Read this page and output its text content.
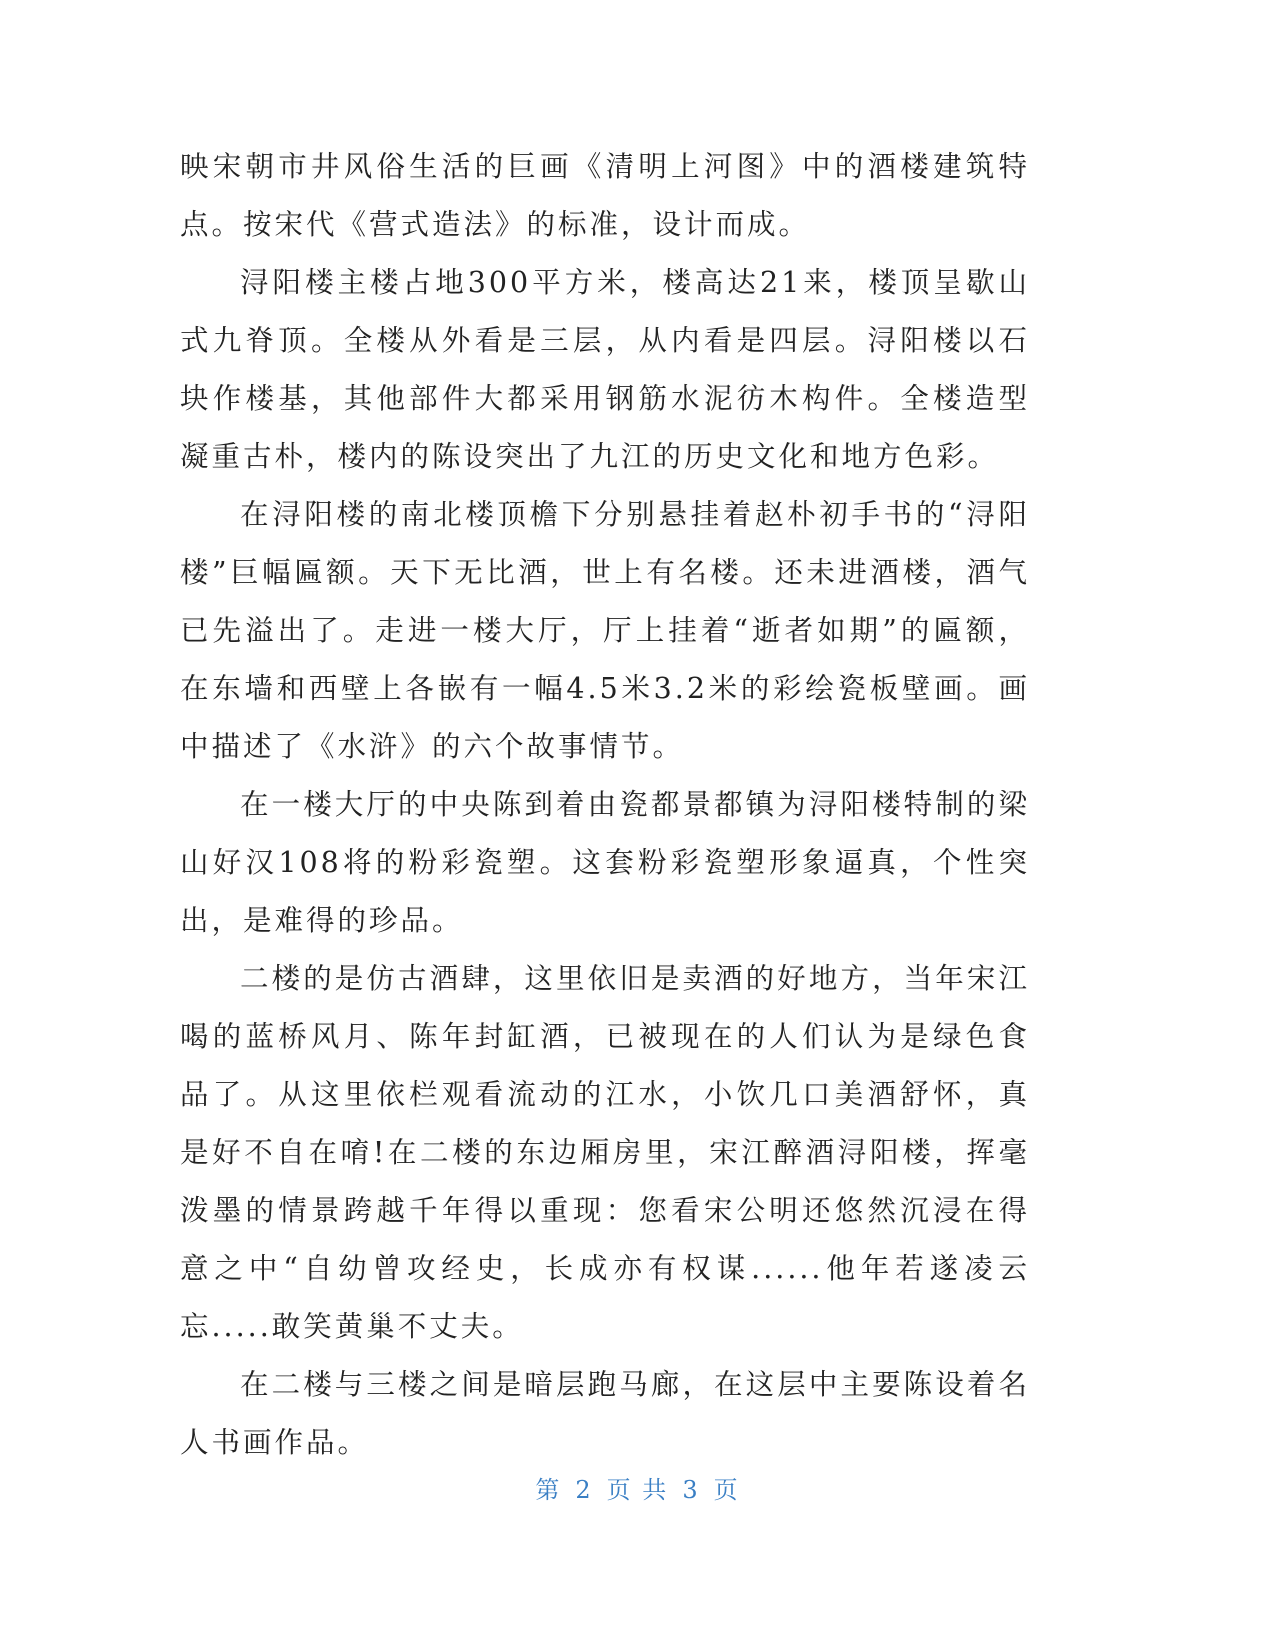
映宋朝市井风俗生活的巨画《清明上河图》中的酒楼建筑特点。按宋代《营式造法》的标准，设计而成。

浔阳楼主楼占地300平方米，楼高达21来，楼顶呈歇山式九脊顶。全楼从外看是三层，从内看是四层。浔阳楼以石块作楼基，其他部件大都采用钢筋水泥彷木构件。全楼造型凝重古朴，楼内的陈设突出了九江的历史文化和地方色彩。

在浔阳楼的南北楼顶檐下分别悬挂着赵朴初手书的“浔阳楼”巨幅匾额。天下无比酒，世上有名楼。还未进酒楼，酒气已先溢出了。走进一楼大厅，厅上挂着“逝者如期”的匾额，在东墙和西壁上各嵌有一幅4.5米3.2米的彩绘瓷板壁画。画中描述了《水浒》的六个故事情节。

在一楼大厅的中央陈到着由瓷都景都镇为浔阳楼特制的梁山好汉108将的粉彩瓷塑。这套粉彩瓷塑形象逼真，个性突出，是难得的珍品。

二楼的是仿古酒肆，这里依旧是卖酒的好地方，当年宋江喝的蓝桥风月、陈年封缸酒，已被现在的人们认为是绿色食品了。从这里依栏观看流动的江水，小饮几口美酒舒怀，真是好不自在唷!在二楼的东边厢房里，宋江醉酒浔阳楼，挥毫泼墨的情景跨越千年得以重现：您看宋公明还悠然沉浸在得意之中“自幼曾攻经史，长成亦有权谋......他年若遂凌云忘.....敢笑黄巢不丈夫。

在二楼与三楼之间是暗层跑马廊，在这层中主要陈设着名人书画作品。

第 2 页 共 3 页
